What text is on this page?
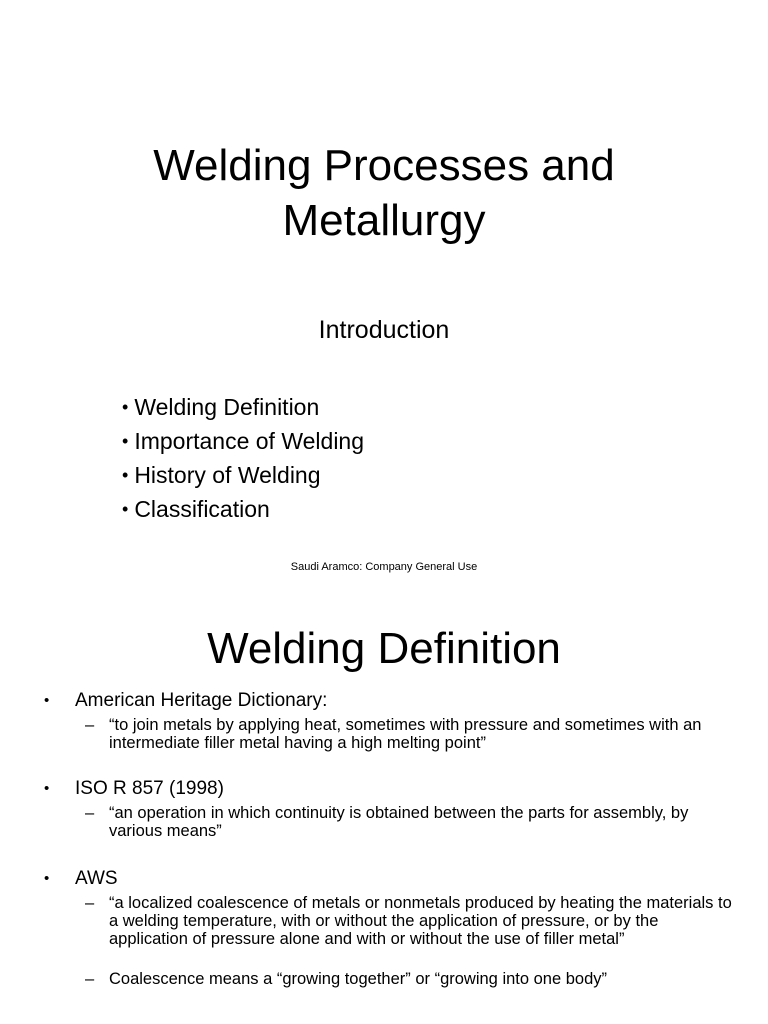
Welding Processes and
Metallurgy
Introduction
• Welding Definition
• Importance of Welding
• History of Welding
• Classification
Saudi Aramco: Company General Use
Welding Definition
• American Heritage Dictionary:
– “to join metals by applying heat, sometimes with pressure and sometimes with an intermediate filler metal having a high melting point”
• ISO R 857 (1998)
– “an operation in which continuity is obtained between the parts for assembly, by various means”
• AWS
– “a localized coalescence of metals or nonmetals produced by heating the materials to a welding temperature, with or without the application of pressure, or by the application of pressure alone and with or without the use of filler metal”
– Coalescence means a “growing together” or “growing into one body”
